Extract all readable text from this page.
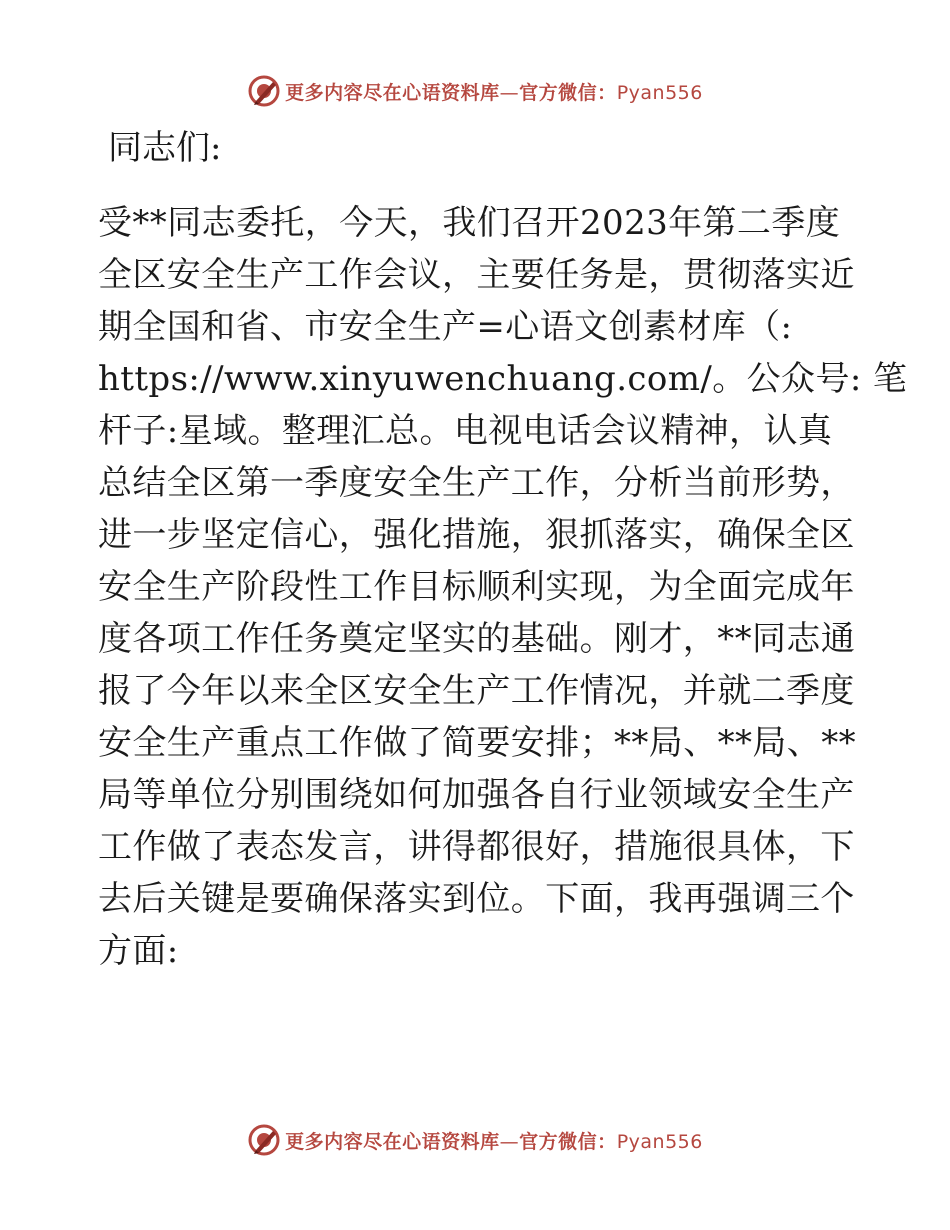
更多内容尽在心语资料库—官方微信：Pyan556
同志们:
受**同志委托，今天，我们召开2023年第二季度
全区安全生产工作会议，主要任务是，贯彻落实近
期全国和省、市安全生产=心语文创素材库（:
https://www.xinyuwenchuang.com/。公众号: 笔
杆子:星域。整理汇总。电视电话会议精神，认真
总结全区第一季度安全生产工作，分析当前形势，
进一步坚定信心，强化措施，狠抓落实，确保全区
安全生产阶段性工作目标顺利实现，为全面完成年
度各项工作任务奠定坚实的基础。刚才，**同志通
报了今年以来全区安全生产工作情况，并就二季度
安全生产重点工作做了简要安排；**局、**局、**
局等单位分别围绕如何加强各自行业领域安全生产
工作做了表态发言，讲得都很好，措施很具体，下
去后关键是要确保落实到位。下面，我再强调三个
方面:
更多内容尽在心语资料库—官方微信：Pyan556
